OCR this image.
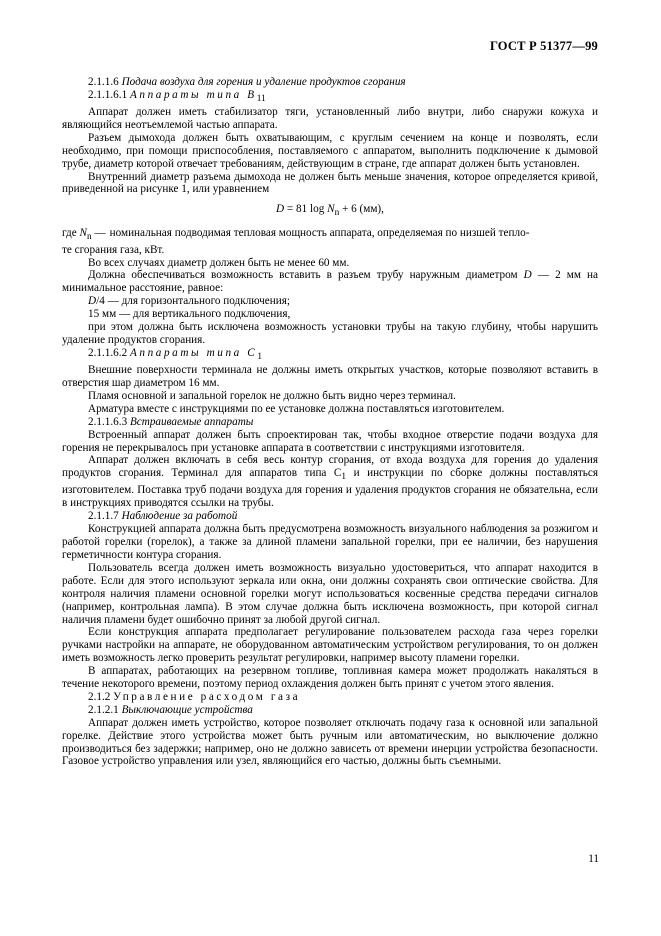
ГОСТ Р 51377—99

2.1.1.6 Подача воздуха для горения и удаление продуктов сгорания

2.1.1.6.1 Аппараты типа $B_{11}$

Аппарат должен иметь стабилизатор тяги, установленный либо внутри, либо снаружи кожуха и являющийся неотъемлемой частью аппарата.

Разъем дымохода должен быть охватывающим, с круглым сечением на конце и позволять, если необходимо, при помощи приспособления, поставляемого с аппаратом, выполнить подключение к дымовой трубе, диаметр которой отвечает требованиям, действующим в стране, где аппарат должен быть установлен.

Внутренний диаметр разъема дымохода не должен быть меньше значения, которое определяется кривой, приведенной на рисунке 1, или уравнением

D = 81 $\log N_n + 6$ (мм),

где $N_n$ — номинальная подводимая тепловая мощность аппарата, определяемая по низшей тепло-

те сгорания газа, кВт.

Во всех случаях диаметр должен быть не менее 60 мм.

Должна обеспечиваться возможность вставить в разъем трубу наружным диаметром D — 2 мм на минимальное расстояние, равное:

D/4 — для горизонтального подключения;

15 мм — для вертикального подключения,

при этом должна быть исключена возможность установки трубы на такую глубину, чтобы нарушить удаление продуктов сгорания.

2.1.1.6.2 Аппараты типа $C_1$

Внешние поверхности терминала не должны иметь открытых участков, которые позволяют вставить в отверстия шар диаметром 16 мм.

Пламя основной и запальной горелок не должно быть видно через терминал.

Арматура вместе с инструкциями по ее установке должна поставляться изготовителем.

2.1.1.6.3 Встраиваемые аппараты

Встроенный аппарат должен быть спроектирован так, чтобы входное отверстие подачи воздуха для горения не перекрывалось при установке аппарата в соответствии с инструкциями изготовителя.

Аппарат должен включать в себя весь контур сгорания, от входа воздуха для горения до удаления продуктов сгорания. Терминал для аппаратов типа $С_1$ и инструкции по сборке должны поставляться изготовителем. Поставка труб подачи воздуха для горения и удаления продуктов сгорания не обязательна, если в инструкциях приводятся ссылки на трубы.

2.1.1.7 Наблюдение за работой

Конструкцией аппарата должна быть предусмотрена возможность визуального наблюдения за розжигом и работой горелки (горелок), а также за длиной пламени запальной горелки, при ее наличии, без нарушения герметичности контура сгорания.

Пользователь всегда должен иметь возможность визуально удостовериться, что аппарат находится в работе. Если для этого используют зеркала или окна, они должны сохранять свои оптические свойства. Для контроля наличия пламени основной горелки могут использоваться косвенные средства передачи сигналов (например, контрольная лампа). В этом случае должна быть исключена возможность, при которой сигнал наличия пламени будет ошибочно принят за любой другой сигнал.

Если конструкция аппарата предполагает регулирование пользователем расхода газа через горелки ручками настройки на аппарате, не оборудованном автоматическим устройством регулирования, то он должен иметь возможность легко проверить результат регулировки, например высоту пламени горелки.

В аппаратах, работающих на резервном топливе, топливная камера может продолжать накаляться в течение некоторого времени, поэтому период охлаждения должен быть принят с учетом этого явления.

2.1.2 Управление расходом газа

2.1.2.1 Выключающие устройства

Аппарат должен иметь устройство, которое позволяет отключать подачу газа к основной или запальной горелке. Действие этого устройства может быть ручным или автоматическим, но выключение должно производиться без задержки; например, оно не должно зависеть от времени инерции устройства безопасности. Газовое устройство управления или узел, являющийся его частью, должны быть съемными.

11
